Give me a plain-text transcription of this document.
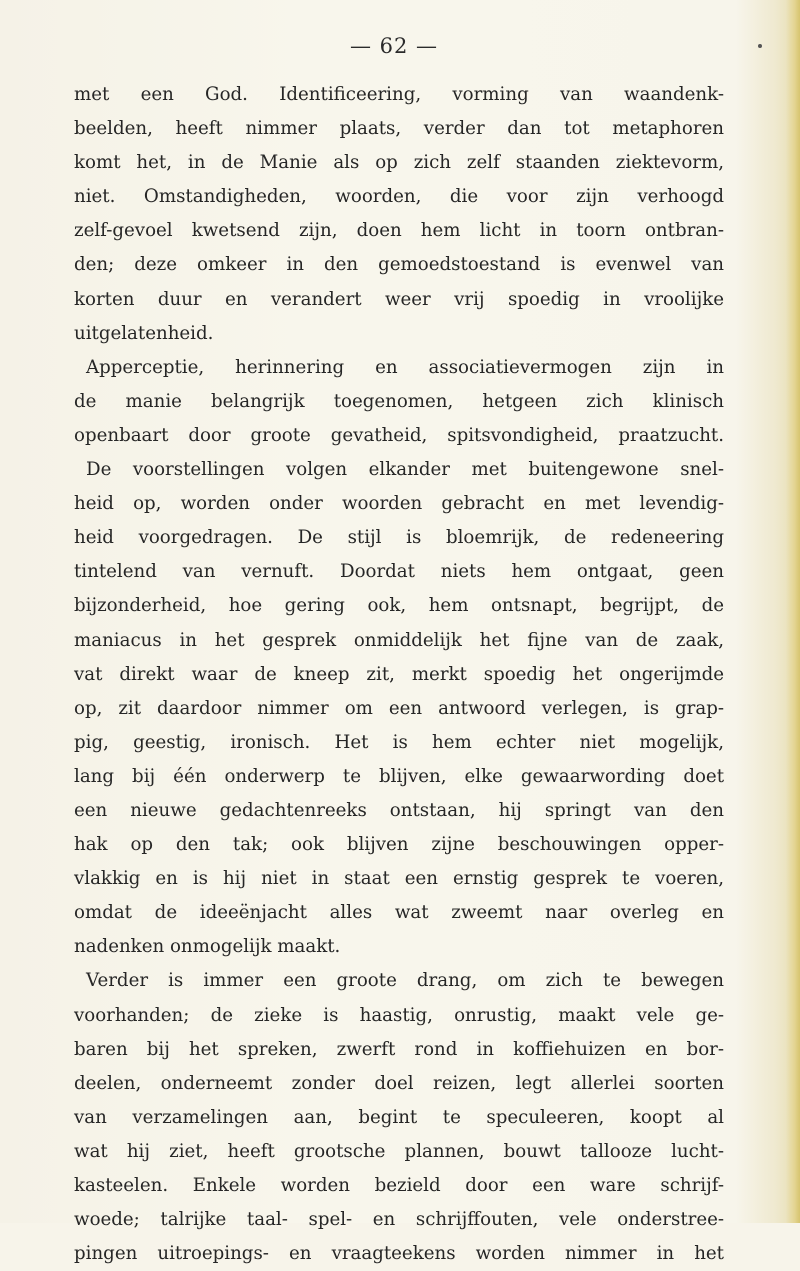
— 62 —
met een God. Identificeering, vorming van waandenk-
beelden, heeft nimmer plaats, verder dan tot metaphoren
komt het, in de Manie als op zich zelf staanden ziektevorm,
niet. Omstandigheden, woorden, die voor zijn verhoogd
zelf-gevoel kwetsend zijn, doen hem licht in toorn ontbran-
den; deze omkeer in den gemoedstoestand is evenwel van
korten duur en verandert weer vrij spoedig in vroolijke
uitgelatenheid.
Apperceptie, herinnering en associatievermogen zijn in
de manie belangrijk toegenomen, hetgeen zich klinisch
openbaart door groote gevatheid, spitsvondigheid, praatzucht.
De voorstellingen volgen elkander met buitengewone snel-
heid op, worden onder woorden gebracht en met levendig-
heid voorgedragen. De stijl is bloemrijk, de redeneering
tintelend van vernuft. Doordat niets hem ontgaat, geen
bijzonderheid, hoe gering ook, hem ontsnapt, begrijpt, de
maniacus in het gesprek onmiddelijk het fijne van de zaak,
vat direkt waar de kneep zit, merkt spoedig het ongerijmde
op, zit daardoor nimmer om een antwoord verlegen, is grap-
pig, geestig, ironisch. Het is hem echter niet mogelijk,
lang bij één onderwerp te blijven, elke gewaarwording doet
een nieuwe gedachtenreeks ontstaan, hij springt van den
hak op den tak; ook blijven zijne beschouwingen opper-
vlakkig en is hij niet in staat een ernstig gesprek te voeren,
omdat de ideeënjacht alles wat zweemt naar overleg en
nadenken onmogelijk maakt.
Verder is immer een groote drang, om zich te bewegen
voorhanden; de zieke is haastig, onrustig, maakt vele ge-
baren bij het spreken, zwerft rond in koffiehuizen en bor-
deelen, onderneemt zonder doel reizen, legt allerlei soorten
van verzamelingen aan, begint te speculeeren, koopt al
wat hij ziet, heeft grootsche plannen, bouwt tallooze lucht-
kasteelen. Enkele worden bezield door een ware schrijf-
woede; talrijke taal- spel- en schrijffouten, vele onderstree-
pingen uitroepings- en vraagteekens worden nimmer in het
